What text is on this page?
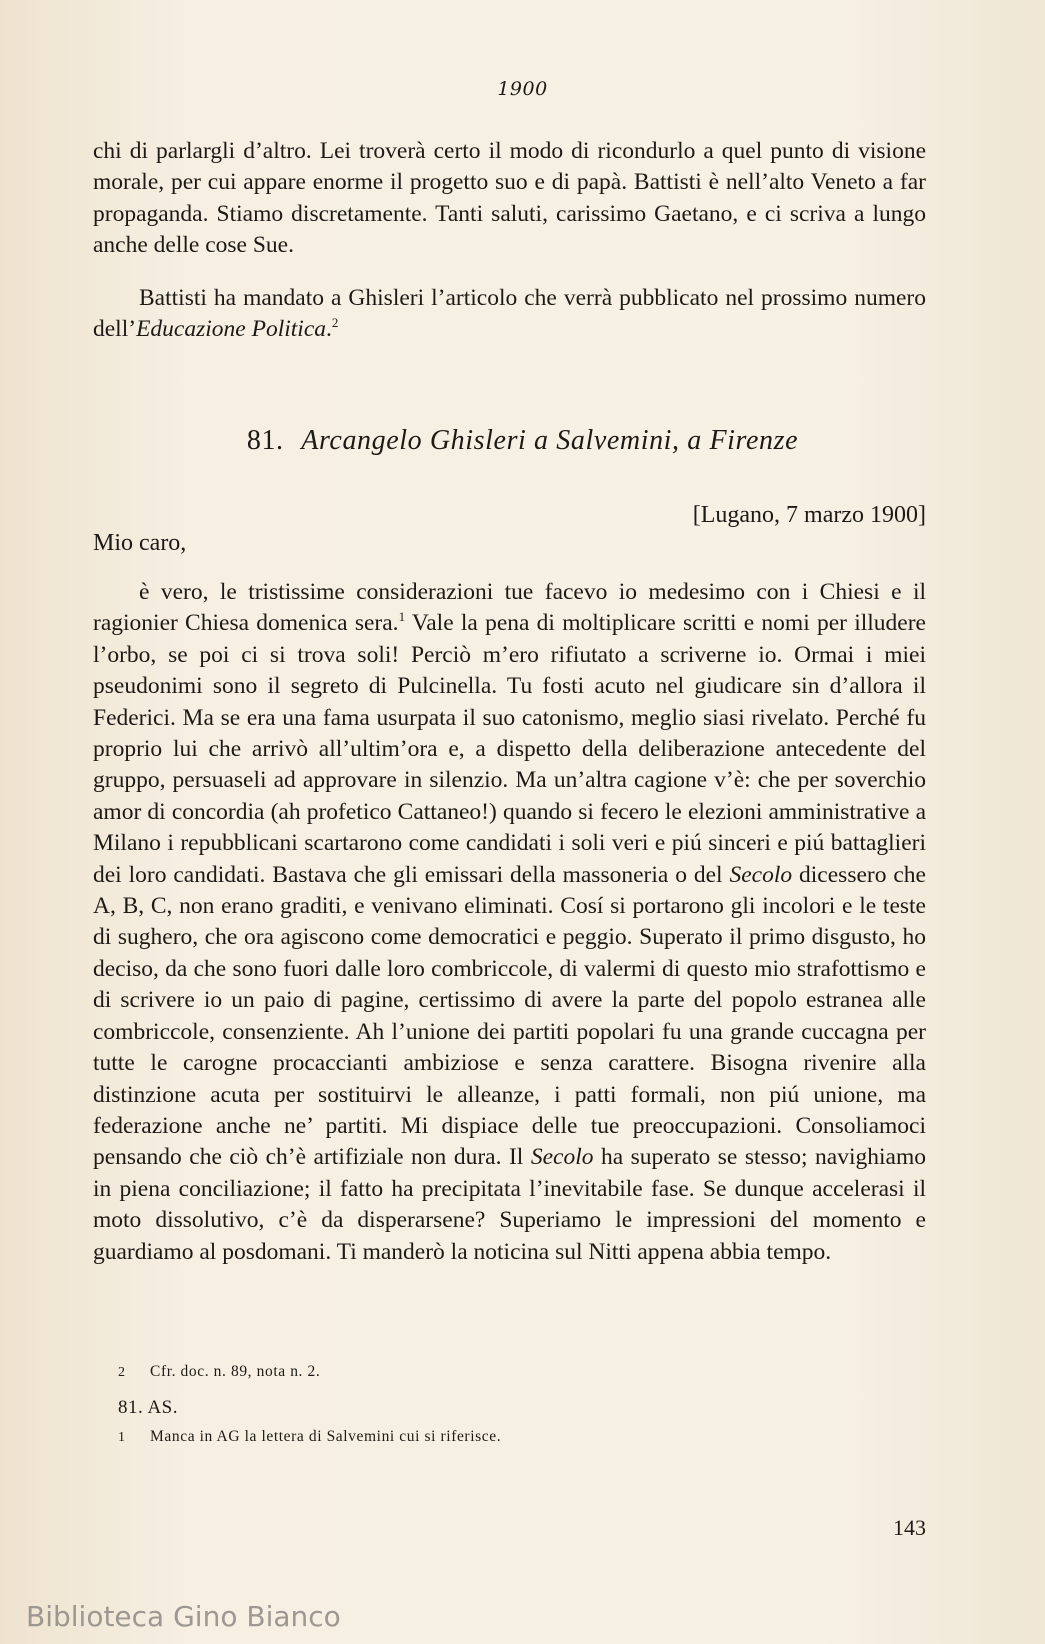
1900
chi di parlargli d’altro. Lei troverà certo il modo di ricondurlo a quel punto di visione morale, per cui appare enorme il progetto suo e di papà. Battisti è nell’alto Veneto a far propaganda. Stiamo discretamente. Tanti saluti, carissimo Gaetano, e ci scriva a lungo anche delle cose Sue.
Battisti ha mandato a Ghisleri l’articolo che verrà pubblicato nel prossimo numero dell’Educazione Politica.$^2$
81. Arcangelo Ghisleri a Salvemini, a Firenze
[Lugano, 7 marzo 1900]
Mio caro,
è vero, le tristissime considerazioni tue facevo io medesimo con i Chiesi e il ragionier Chiesa domenica sera.$^1$ Vale la pena di moltiplicare scritti e nomi per illudere l’orbo, se poi ci si trova soli! Perciò m’ero rifiutato a scriverne io. Ormai i miei pseudonimi sono il segreto di Pulcinella. Tu fosti acuto nel giudicare sin d’allora il Federici. Ma se era una fama usurpata il suo catonismo, meglio siasi rivelato. Perché fu proprio lui che arrivò all’ultim’ora e, a dispetto della deliberazione antecedente del gruppo, persuaseli ad approvare in silenzio. Ma un’altra cagione v’è: che per soverchio amor di concordia (ah profetico Cattaneo!) quando si fecero le elezioni amministrative a Milano i repubblicani scartarono come candidati i soli veri e piú sinceri e piú battaglieri dei loro candidati. Bastava che gli emissari della massoneria o del Secolo dicessero che A, B, C, non erano graditi, e venivano eliminati. Cosí si portarono gli incolori e le teste di sughero, che ora agiscono come democratici e peggio. Superato il primo disgusto, ho deciso, da che sono fuori dalle loro combriccole, di valermi di questo mio strafottismo e di scrivere io un paio di pagine, certissimo di avere la parte del popolo estranea alle combriccole, consenziente. Ah l’unione dei partiti popolari fu una grande cuccagna per tutte le carogne procaccianti ambiziose e senza carattere. Bisogna rivenire alla distinzione acuta per sostituirvi le alleanze, i patti formali, non piú unione, ma federazione anche ne’ partiti. Mi dispiace delle tue preoccupazioni. Consoliamoci pensando che ciò ch’è artifiziale non dura. Il Secolo ha superato se stesso; navighiamo in piena conciliazione; il fatto ha precipitata l’inevitabile fase. Se dunque accelerasi il moto dissolutivo, c’è da disperarsene? Superiamo le impressioni del momento e guardiamo al posdomani. Ti manderò la noticina sul Nitti appena abbia tempo.
2 Cfr. doc. n. 89, nota n. 2.
81. AS.
1 Manca in AG la lettera di Salvemini cui si riferisce.
143
Biblioteca Gino Bianco
